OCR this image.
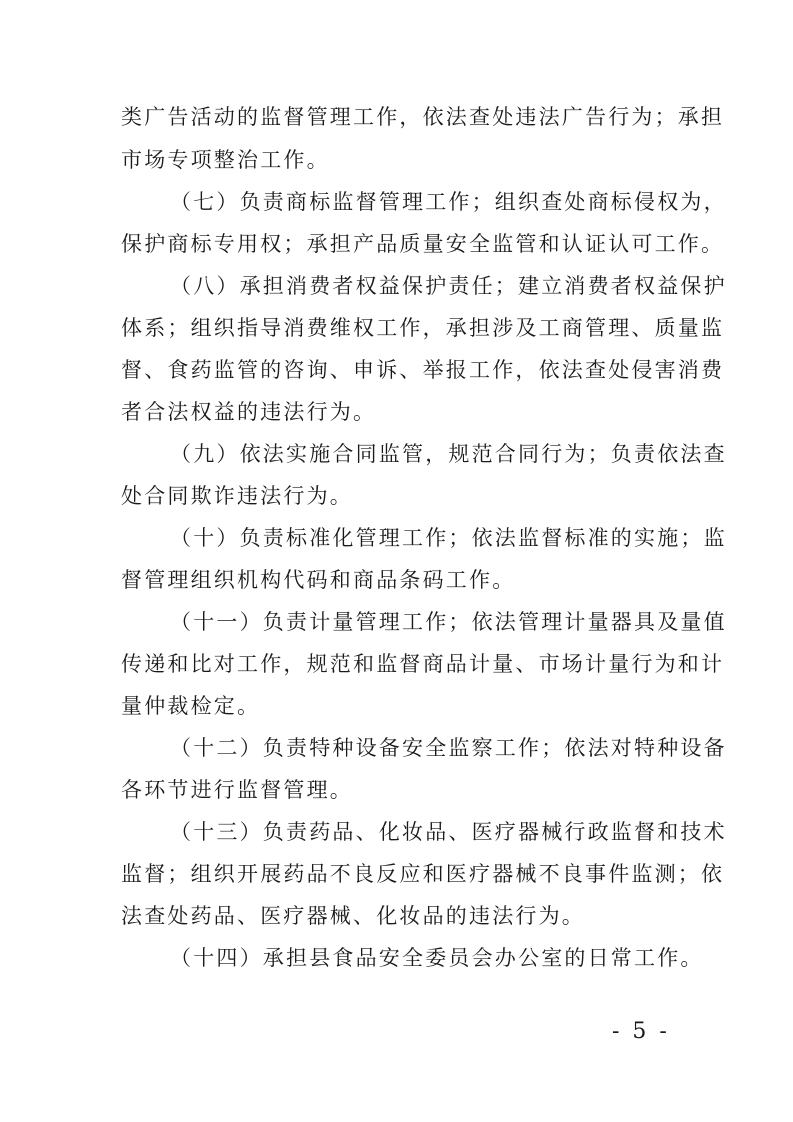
类广告活动的监督管理工作，依法查处违法广告行为；承担
市场专项整治工作。
（七）负责商标监督管理工作；组织查处商标侵权为，
保护商标专用权；承担产品质量安全监管和认证认可工作。
（八）承担消费者权益保护责任；建立消费者权益保护
体系；组织指导消费维权工作，承担涉及工商管理、质量监
督、食药监管的咨询、申诉、举报工作，依法查处侵害消费
者合法权益的违法行为。
（九）依法实施合同监管，规范合同行为；负责依法查
处合同欺诈违法行为。
（十）负责标准化管理工作；依法监督标准的实施；监
督管理组织机构代码和商品条码工作。
（十一）负责计量管理工作；依法管理计量器具及量值
传递和比对工作，规范和监督商品计量、市场计量行为和计
量仲裁检定。
（十二）负责特种设备安全监察工作；依法对特种设备
各环节进行监督管理。
（十三）负责药品、化妆品、医疗器械行政监督和技术
监督；组织开展药品不良反应和医疗器械不良事件监测；依
法查处药品、医疗器械、化妆品的违法行为。
（十四）承担县食品安全委员会办公室的日常工作。
- 5 -
